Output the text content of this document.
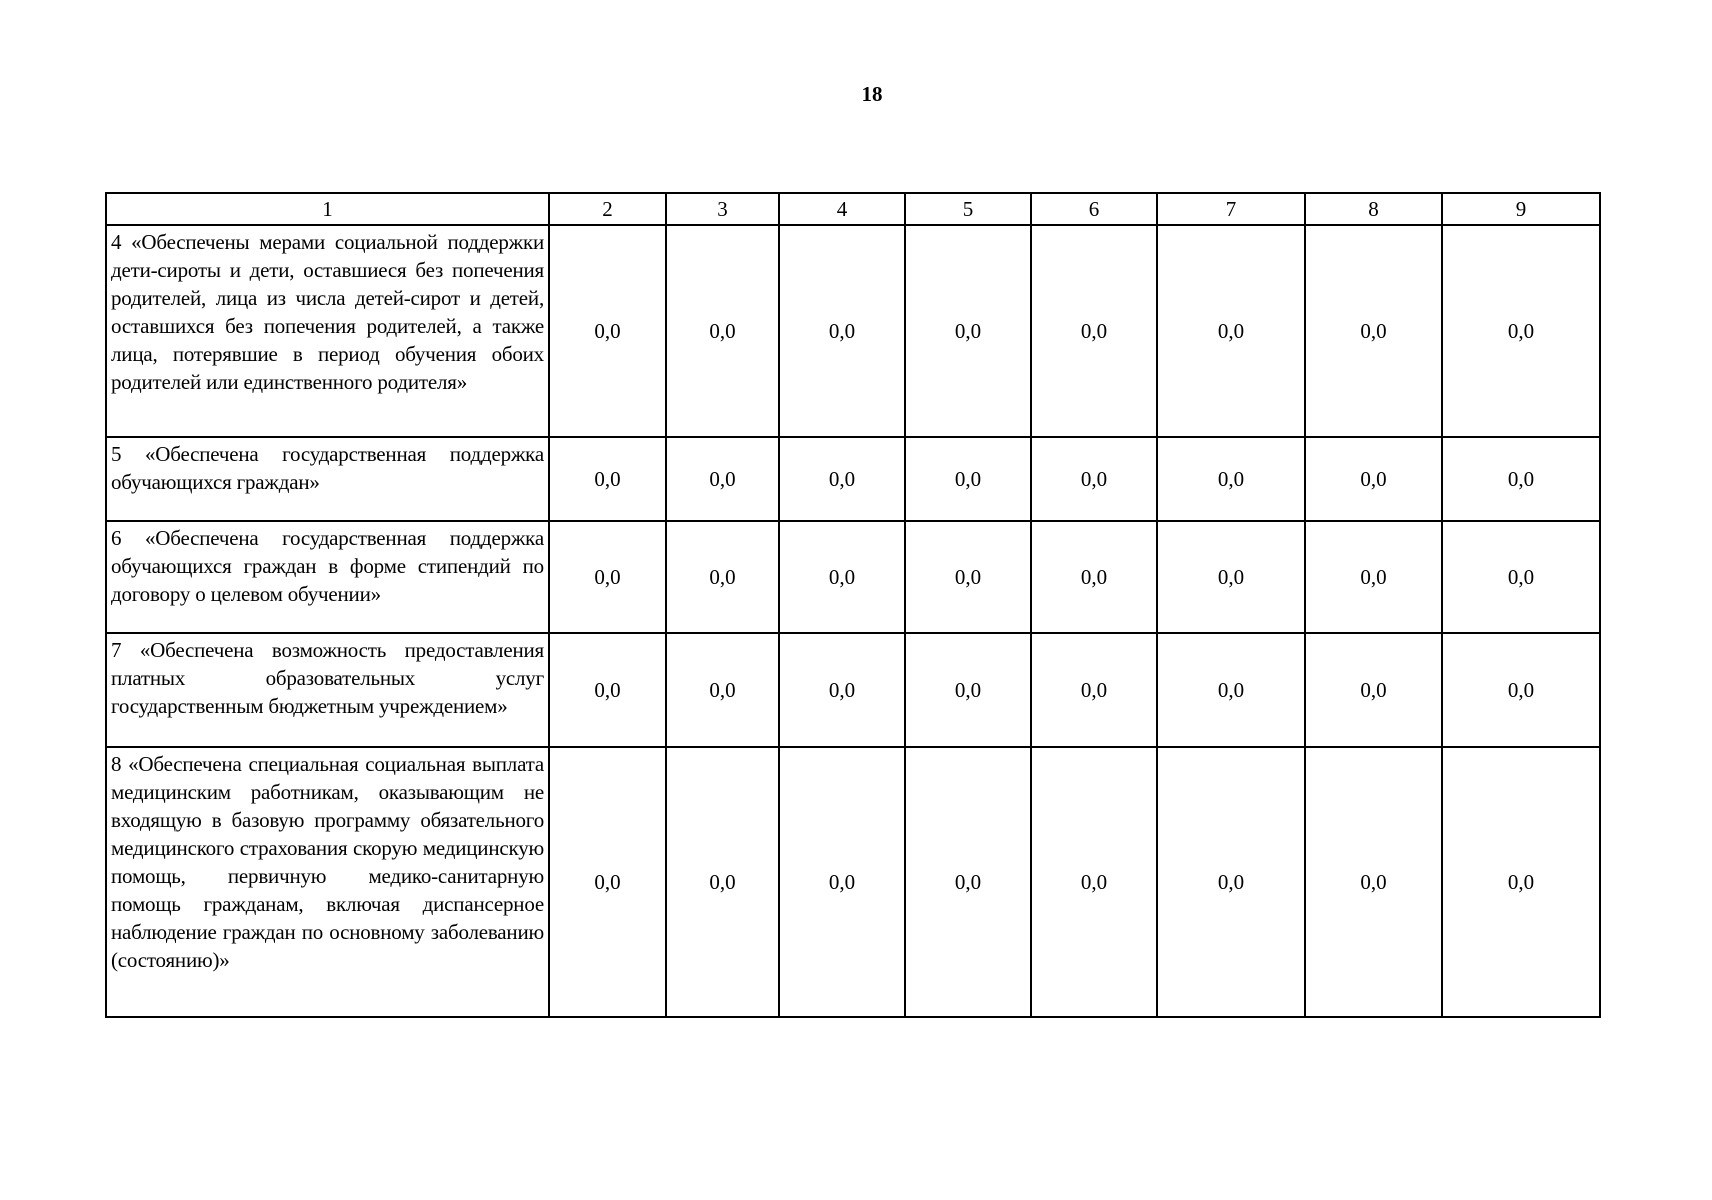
18
1	2	3	4	5	6	7	8	9
4 «Обеспечены мерами социальной поддержки дети-сироты и дети, оставшиеся без попечения родителей, лица из числа детей-сирот и детей, оставшихся без попечения родителей, а также лица, потерявшие в период обучения обоих родителей или единственного родителя»	0,0	0,0	0,0	0,0	0,0	0,0	0,0	0,0
5 «Обеспечена государственная поддержка обучающихся граждан»	0,0	0,0	0,0	0,0	0,0	0,0	0,0	0,0
6 «Обеспечена государственная поддержка обучающихся граждан в форме стипендий по договору о целевом обучении»	0,0	0,0	0,0	0,0	0,0	0,0	0,0	0,0
7 «Обеспечена возможность предоставления платных образовательных услуг государственным бюджетным учреждением»	0,0	0,0	0,0	0,0	0,0	0,0	0,0	0,0
8 «Обеспечена специальная социальная выплата медицинским работникам, оказывающим не входящую в базовую программу обязательного медицинского страхования скорую медицинскую помощь, первичную медико-санитарную помощь гражданам, включая диспансерное наблюдение граждан по основному заболеванию (состоянию)»	0,0	0,0	0,0	0,0	0,0	0,0	0,0	0,0
